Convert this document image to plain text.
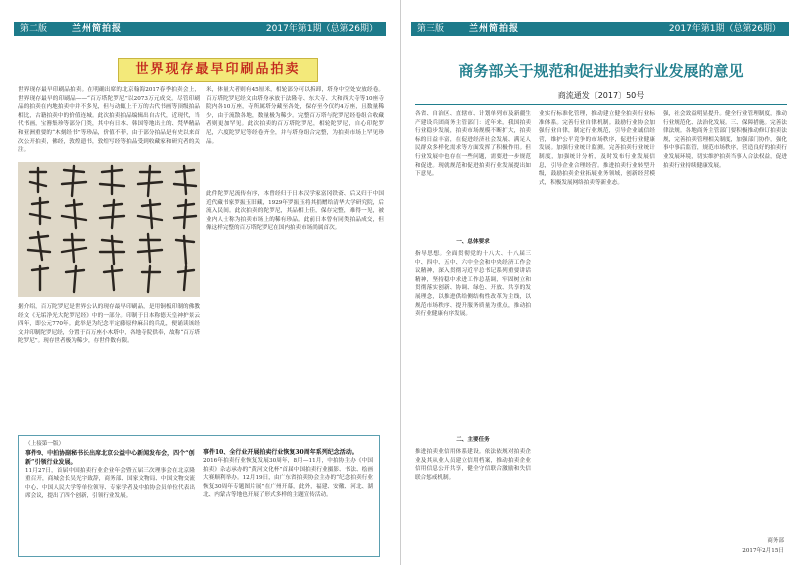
第二版	兰州简拍报	2017年第1期（总第26期）
世界现存最早印刷品拍卖
世界现存最早印刷品拍卖。在明确出席的北京翰海2017春季拍卖会上，世界现存最早的印刷品——“百万塔陀罗尼”以2073万元成交。尽管印刷品的拍卖在内地拍卖中并不多见，但与动辄上千万的古代书画等顶级拍品相比，古籍拍卖中的价值连城。此次拍卖拍品编辑出自古代，近现代，当代书画，宝簪集珍等部分门类，其中有日本、韩国等地出土的、梵华精品和亚洲重要的“木刻经书”等珍品，价值不菲，由于部分拍品是有史以来首次公开拍卖，佛经，敦煌遗书，敦煌写经等拍品受到收藏家和研究者的关注。
据介绍，百万陀罗尼是世界公认的现存最早印刷品，是用铜板印制的佛教经文《无垢净光大陀罗尼经》中的一部分。印制于日本称德天皇神护景云四年，即公元770年。此举是为纪念平定藤原仲麻吕的兵乱，便诵读该经文并印制陀罗尼经，分置于百万座小木塔中，各地寺院供奉，故称“百万塔陀罗尼”。现存世者极为稀少，存世件数有限。
米，体量大者则有45厘米，相轮部分可以拆卸，塔身中空处安放经卷。百万塔陀罗尼经文由塔身承放于法隆寺、东大寺、大和西大寺等10座寺院内各10万座，寺所属塔分藏至各处，保存至今仅约4万座，且数量稀少，由于流散各地，数量极为稀少。完整百万塔与陀罗尼经卷组合收藏者则更加罕见。此次拍卖的百万塔陀罗尼，相轮陀罗尼，自心印陀罗尼，六度陀罗尼等经卷齐全，并与塔身组合完整，为拍卖市场上罕见珍品。
此件陀罗尼流传有序，本曾经归于日本汉学家富冈铁斋、后又归于中国近代藏书家罗振玉旧藏，1929年罗振玉将其捐赠给清华大学研究院，后流入民间。此次拍卖的陀罗尼，其品相上佳，保存完整，难得一见，被业内人士称为拍卖市场上的稀有珍品。此前日本曾有同类拍品成交，但像这样完整的百万塔陀罗尼在国内拍卖市场尚属首次。
（上接第一版）
事件9、中拍协副秘书长出席北京公益中心新闻发布会，四个“创新”引领行业发展。
11月27日，首届中国拍卖行业企业年会暨五届三次理事会在北京隆重召开，商城会长吴光宇致辞，商务部、国家文物局、中国文物交流中心、中国人民大学等单位领导、专家学者及中拍协会员单位代表出席会议，提出了四个创新，引领行业发展。
事件10、全行业开展拍卖行业恢复30周年系列纪念活动。
2016年拍卖行业恢复发展30周年，8月—11月，中拍协主办《中国拍卖》杂志承办的“黄河文化杯”首届中国拍卖行业摄影、书法、绘画大赛顺利举办。12月19日，由广东省拍卖协会主办的“纪念拍卖行业恢复30周年专题图片展”在广州开幕，此外，福建、安徽、河北、湖北、内蒙古等地也开展了形式多样的主题宣传活动。
第三版	兰州简拍报	2017年第1期（总第26期）
商务部关于规范和促进拍卖行业发展的意见
商流通发〔2017〕50号
各省、自治区、直辖市、计划单列市及新疆生产建设兵团商务主管部门：近年来，我国拍卖行业稳步发展，拍卖市场规模不断扩大，拍卖标的日益丰富，在促进经济社会发展、满足人民群众多样化需求等方面发挥了积极作用。但行业发展中也存在一些问题，需要进一步规范和促进。现就规范和促进拍卖行业发展提出如下意见。
一、总体要求
指导思想。全面贯彻党的十八大、十八届三中、四中、五中、六中全会和中央经济工作会议精神，深入贯彻习近平总书记系列重要讲话精神，坚持稳中求进工作总基调，牢固树立和贯彻落实创新、协调、绿色、开放、共享的发展理念，以推进供给侧结构性改革为主线，以规范市场秩序、提升服务质量为重点，推动拍卖行业健康有序发展。
二、主要任务
推进拍卖业信用体系建设。依法依规对拍卖企业及其从业人员建立信用档案，推动拍卖企业信用信息公开共享，健全守信联合激励和失信联合惩戒机制。
业实行标准化管理，推动建立健全拍卖行业标准体系。完善行业自律机制。鼓励行业协会加强行业自律，制定行业规范，引导企业诚信经营，维护公平竞争的市场秩序，促进行业健康发展。加强行业统计监测。完善拍卖行业统计制度，加强统计分析，及时发布行业发展信息，引导企业合理经营。推进拍卖行业转型升级，鼓励拍卖企业拓展业务领域，创新经营模式，积极发展网络拍卖等新业态。
强，社会效益明显提升。健全行业管理制度，推动行业规范化、法治化发展。三、保障措施。完善法律法规。各地商务主管部门要积极推动修订拍卖法规，完善拍卖管理相关制度，加强部门协作，强化事中事后监管，规范市场秩序，营造良好的拍卖行业发展环境，切实维护拍卖当事人合法权益，促进拍卖行业持续健康发展。
商务部
2017年2月15日
